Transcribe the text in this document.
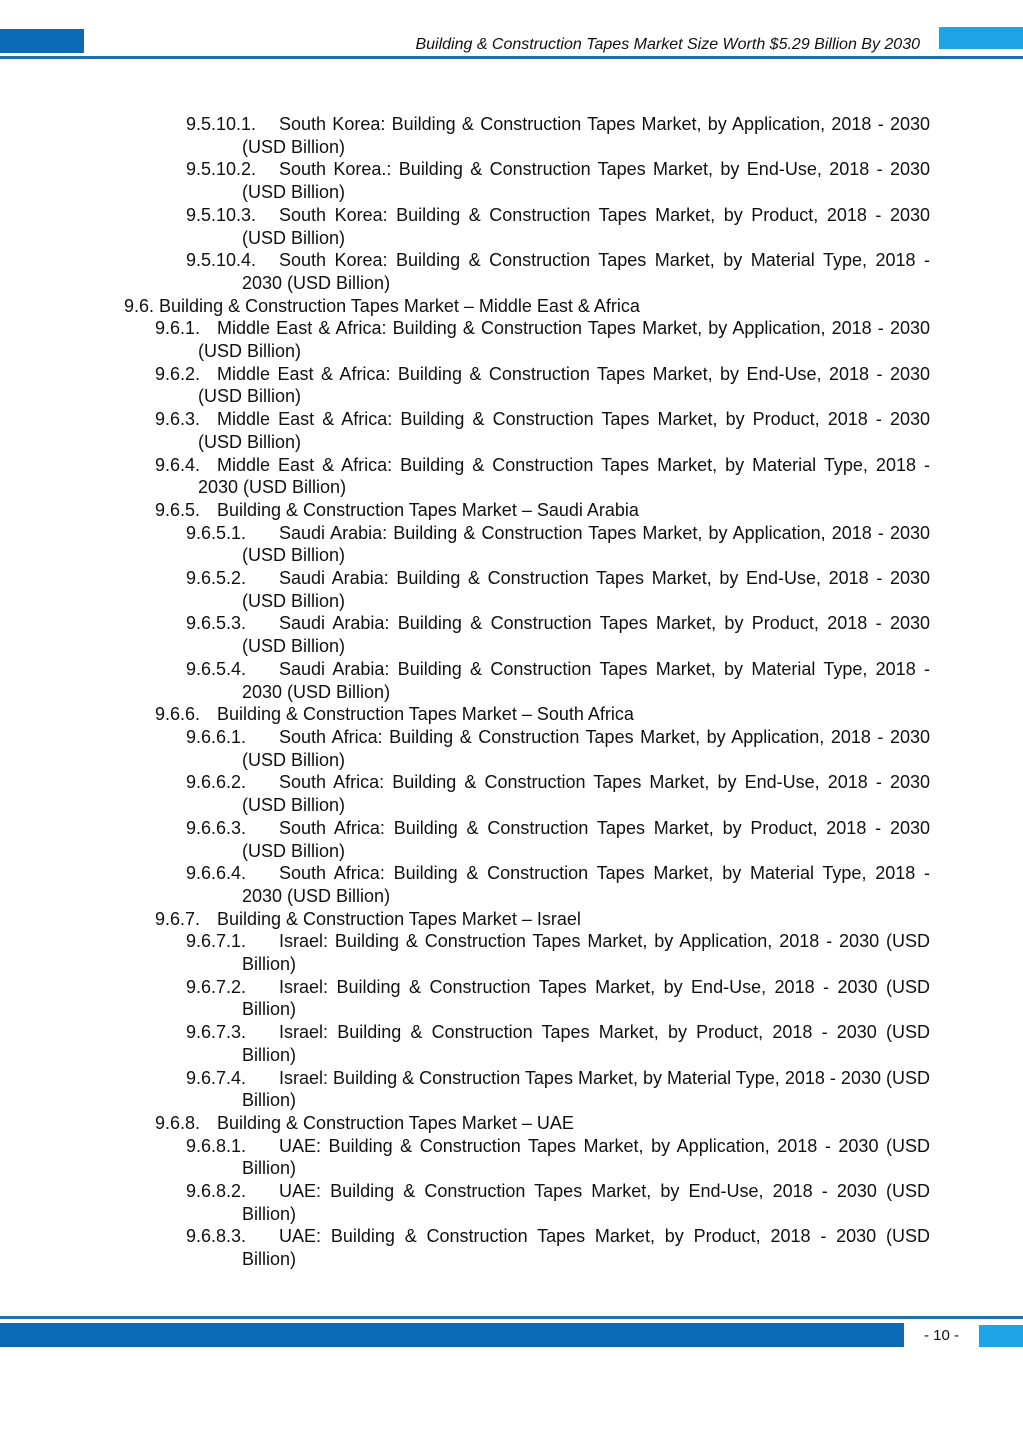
Building & Construction Tapes Market Size Worth $5.29 Billion By 2030
9.5.10.1.	South Korea: Building & Construction Tapes Market, by Application, 2018 - 2030 (USD Billion)
9.5.10.2.	South Korea.: Building & Construction Tapes Market, by End-Use, 2018 - 2030 (USD Billion)
9.5.10.3.	South Korea: Building & Construction Tapes Market, by Product, 2018 - 2030 (USD Billion)
9.5.10.4.	South Korea: Building & Construction Tapes Market, by Material Type, 2018 - 2030 (USD Billion)
9.6. Building & Construction Tapes Market – Middle East & Africa
9.6.1. Middle East & Africa: Building & Construction Tapes Market, by Application, 2018 - 2030 (USD Billion)
9.6.2. Middle East & Africa: Building & Construction Tapes Market, by End-Use, 2018 - 2030 (USD Billion)
9.6.3. Middle East & Africa: Building & Construction Tapes Market, by Product, 2018 - 2030 (USD Billion)
9.6.4. Middle East & Africa: Building & Construction Tapes Market, by Material Type, 2018 - 2030 (USD Billion)
9.6.5. Building & Construction Tapes Market – Saudi Arabia
9.6.5.1.	Saudi Arabia: Building & Construction Tapes Market, by Application, 2018 - 2030 (USD Billion)
9.6.5.2.	Saudi Arabia: Building & Construction Tapes Market, by End-Use, 2018 - 2030 (USD Billion)
9.6.5.3.	Saudi Arabia: Building & Construction Tapes Market, by Product, 2018 - 2030 (USD Billion)
9.6.5.4.	Saudi Arabia: Building & Construction Tapes Market, by Material Type, 2018 - 2030 (USD Billion)
9.6.6. Building & Construction Tapes Market – South Africa
9.6.6.1.	South Africa: Building & Construction Tapes Market, by Application, 2018 - 2030 (USD Billion)
9.6.6.2.	South Africa: Building & Construction Tapes Market, by End-Use, 2018 - 2030 (USD Billion)
9.6.6.3.	South Africa: Building & Construction Tapes Market, by Product, 2018 - 2030 (USD Billion)
9.6.6.4.	South Africa: Building & Construction Tapes Market, by Material Type, 2018 - 2030 (USD Billion)
9.6.7. Building & Construction Tapes Market – Israel
9.6.7.1.	Israel: Building & Construction Tapes Market, by Application, 2018 - 2030 (USD Billion)
9.6.7.2.	Israel: Building & Construction Tapes Market, by End-Use, 2018 - 2030 (USD Billion)
9.6.7.3.	Israel: Building & Construction Tapes Market, by Product, 2018 - 2030 (USD Billion)
9.6.7.4.	Israel: Building & Construction Tapes Market, by Material Type, 2018 - 2030 (USD Billion)
9.6.8. Building & Construction Tapes Market – UAE
9.6.8.1.	UAE: Building & Construction Tapes Market, by Application, 2018 - 2030 (USD Billion)
9.6.8.2.	UAE: Building & Construction Tapes Market, by End-Use, 2018 - 2030 (USD Billion)
9.6.8.3.	UAE: Building & Construction Tapes Market, by Product, 2018 - 2030 (USD Billion)
- 10 -
